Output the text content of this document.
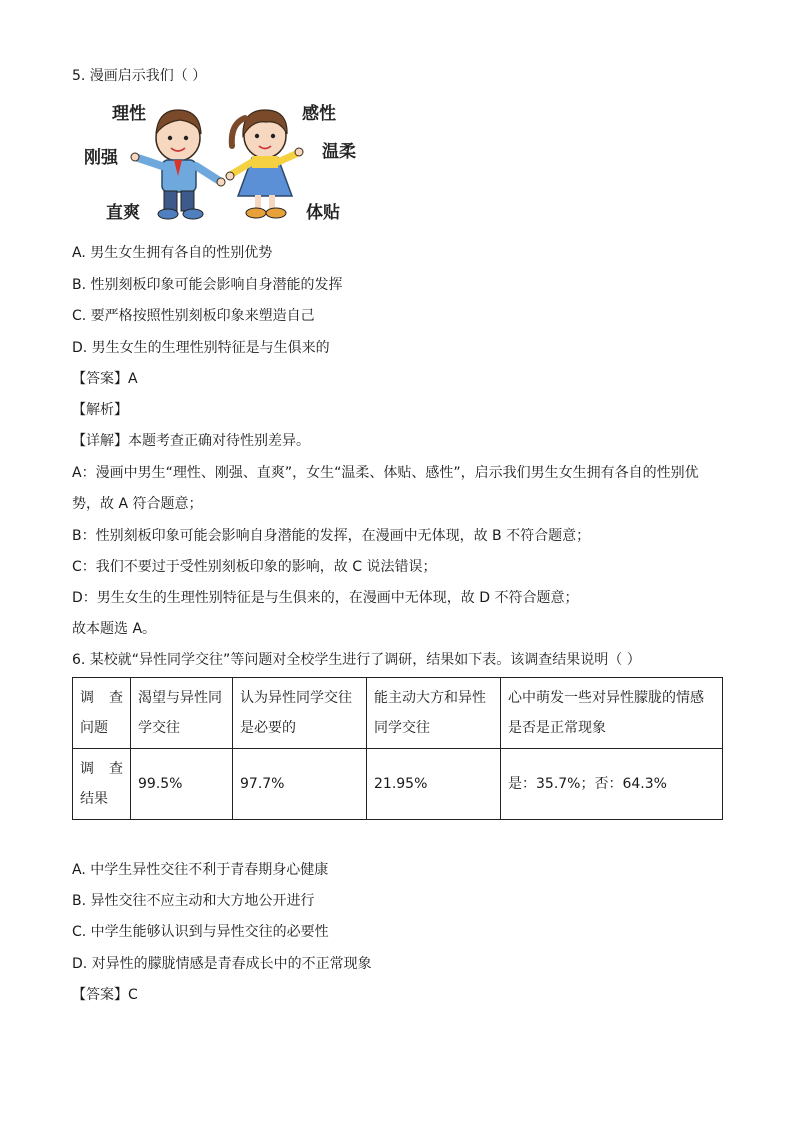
5. 漫画启示我们（ ）
理性
刚强
直爽
感性
温柔
体贴
A. 男生女生拥有各自的性别优势
B. 性别刻板印象可能会影响自身潜能的发挥
C. 要严格按照性别刻板印象来塑造自己
D. 男生女生的生理性别特征是与生俱来的
【答案】A
【解析】
【详解】本题考查正确对待性别差异。
A：漫画中男生“理性、刚强、直爽”，女生“温柔、体贴、感性”，启示我们男生女生拥有各自的性别优
势，故 A 符合题意；
B：性别刻板印象可能会影响自身潜能的发挥，在漫画中无体现，故 B 不符合题意；
C：我们不要过于受性别刻板印象的影响，故 C 说法错误；
D：男生女生的生理性别特征是与生俱来的，在漫画中无体现，故 D 不符合题意；
故本题选 A。
6. 某校就“异性同学交往”等问题对全校学生进行了调研，结果如下表。该调查结果说明（ ）
调 查 问题	渴望与异性同学交往	认为异性同学交往是必要的	能主动大方和异性同学交往	心中萌发一些对异性朦胧的情感是否是正常现象
调 查 结果	99.5%	97.7%	21.95%	是：35.7%；否：64.3%
A. 中学生异性交往不利于青春期身心健康
B. 异性交往不应主动和大方地公开进行
C. 中学生能够认识到与异性交往的必要性
D. 对异性的朦胧情感是青春成长中的不正常现象
【答案】C
